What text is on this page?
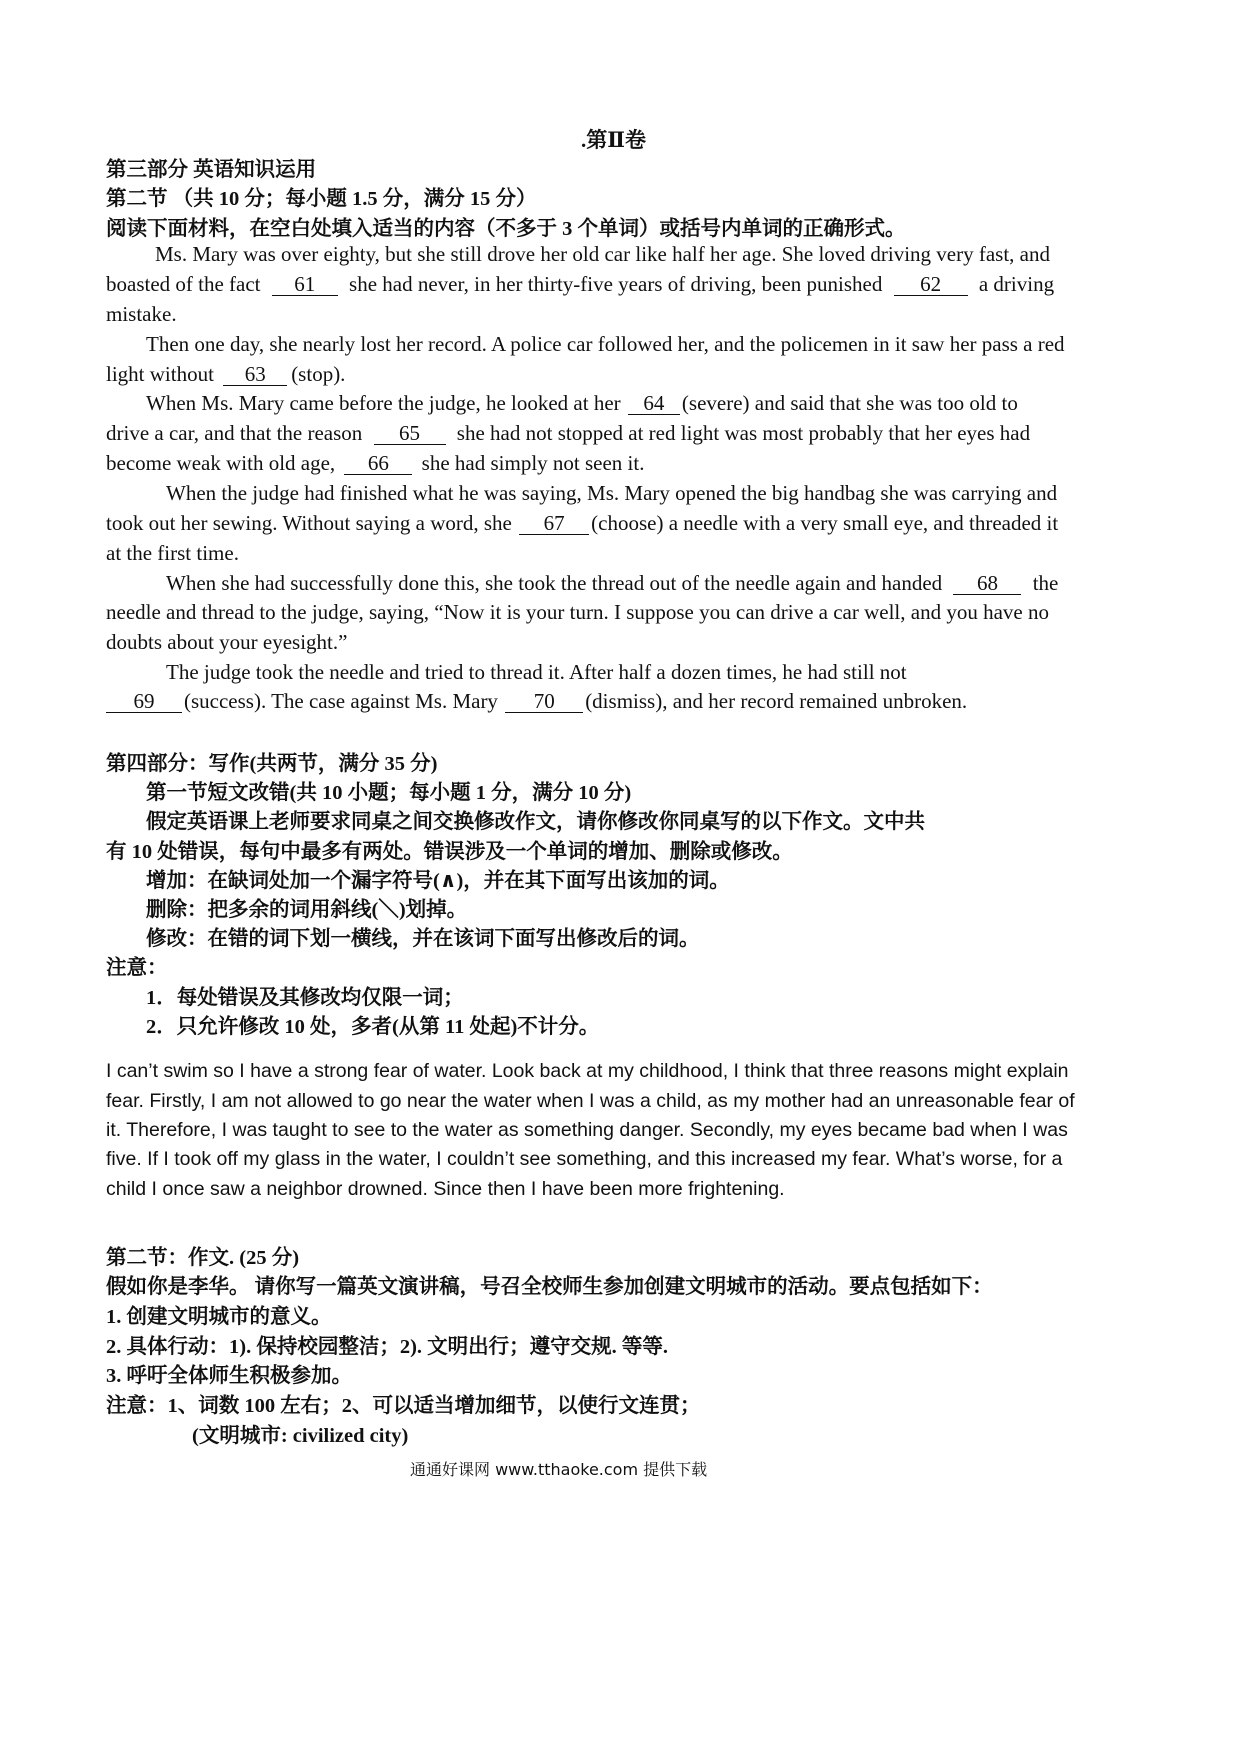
.第Ⅱ卷
第三部分 英语知识运用
第二节 （共 10 分；每小题 1.5 分，满分 15 分）
阅读下面材料，在空白处填入适当的内容（不多于 3 个单词）或括号内单词的正确形式。
Ms. Mary was over eighty, but she still drove her old car like half her age. She loved driving very fast, and
boasted of the fact 61 she had never, in her thirty-five years of driving, been punished 62 a driving
mistake.
Then one day, she nearly lost her record. A police car followed her, and the policemen in it saw her pass a red
light without 63 (stop).
When Ms. Mary came before the judge, he looked at her 64 (severe) and said that she was too old to
drive a car, and that the reason 65 she had not stopped at red light was most probably that her eyes had
become weak with old age, 66 she had simply not seen it.
When the judge had finished what he was saying, Ms. Mary opened the big handbag she was carrying and
took out her sewing. Without saying a word, she 67 (choose) a needle with a very small eye, and threaded it
at the first time.
When she had successfully done this, she took the thread out of the needle again and handed 68 the
needle and thread to the judge, saying, “Now it is your turn. I suppose you can drive a car well, and you have no
doubts about your eyesight.”
The judge took the needle and tried to thread it. After half a dozen times, he had still not
69 (success). The case against Ms. Mary 70 (dismiss), and her record remained unbroken.
第四部分：写作(共两节，满分 35 分)
第一节短文改错(共 10 小题；每小题 1 分，满分 10 分)
假定英语课上老师要求同桌之间交换修改作文，请你修改你同桌写的以下作文。文中共
有 10 处错误，每句中最多有两处。错误涉及一个单词的增加、删除或修改。
增加：在缺词处加一个漏字符号(∧)，并在其下面写出该加的词。
删除：把多余的词用斜线(＼)划掉。
修改：在错的词下划一横线，并在该词下面写出修改后的词。
注意：
1．每处错误及其修改均仅限一词；
2．只允许修改 10 处，多者(从第 11 处起)不计分。
I can’t swim so I have a strong fear of water. Look back at my childhood, I think that three reasons might explain
fear. Firstly, I am not allowed to go near the water when I was a child, as my mother had an unreasonable fear of
it. Therefore, I was taught to see to the water as something danger. Secondly, my eyes became bad when I was
five. If I took off my glass in the water, I couldn’t see something, and this increased my fear. What’s worse, for a
child I once saw a neighbor drowned. Since then I have been more frightening.
第二节：作文. (25 分)
假如你是李华。 请你写一篇英文演讲稿，号召全校师生参加创建文明城市的活动。要点包括如下：
1. 创建文明城市的意义。
2. 具体行动：1). 保持校园整洁；2). 文明出行；遵守交规. 等等.
3. 呼吁全体师生积极参加。
注意：1、词数 100 左右；2、可以适当增加细节，以使行文连贯；
(文明城市: civilized city)
通通好课网 www.tthaoke.com 提供下载
